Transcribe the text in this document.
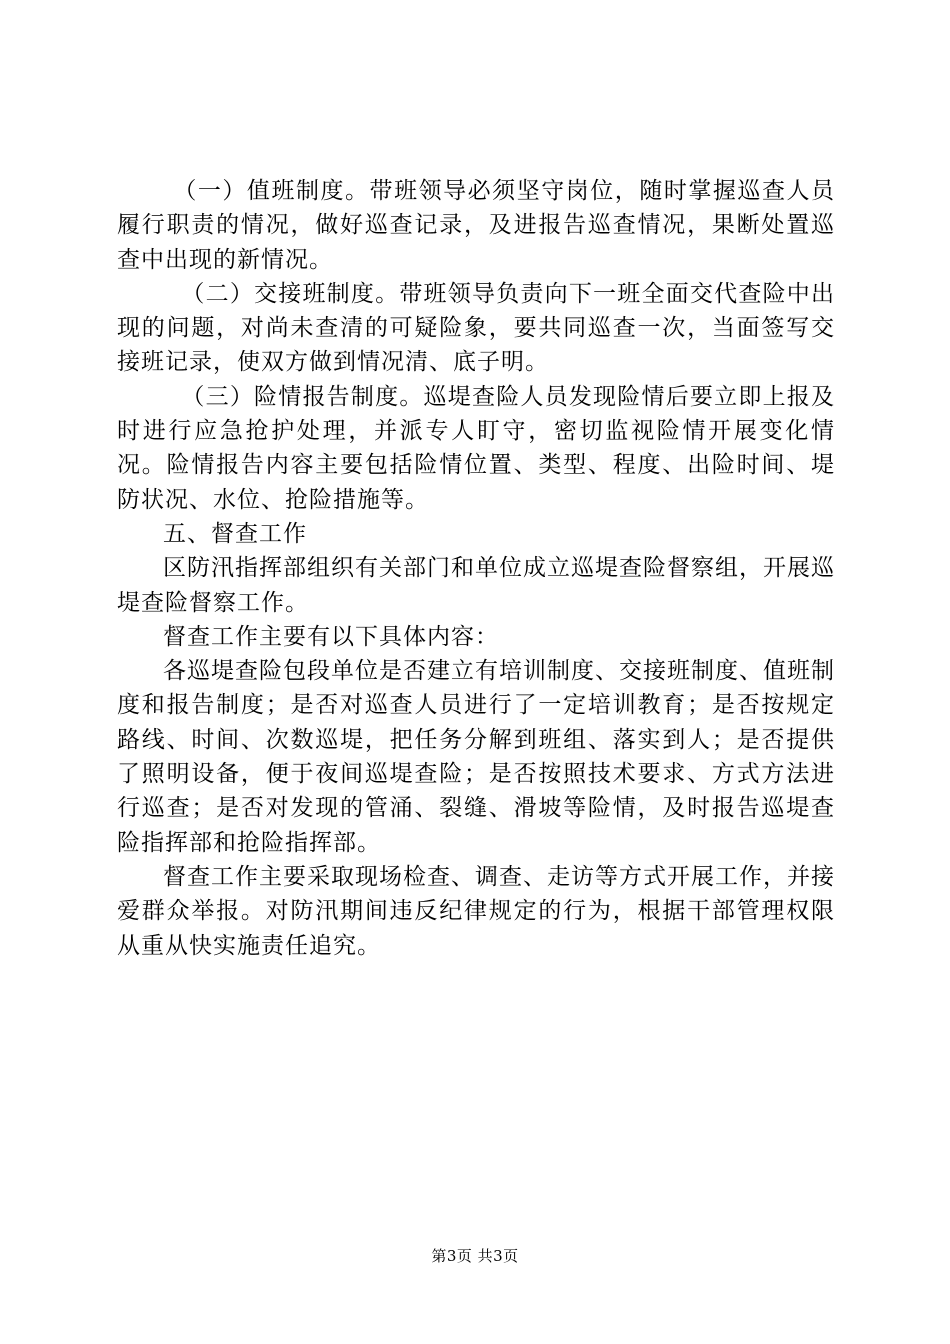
（一）值班制度。带班领导必须坚守岗位，随时掌握巡查人员履行职责的情况，做好巡查记录，及进报告巡查情况，果断处置巡查中出现的新情况。

（二）交接班制度。带班领导负责向下一班全面交代查险中出现的问题，对尚未查清的可疑险象，要共同巡查一次，当面签写交接班记录，使双方做到情况清、底子明。

（三）险情报告制度。巡堤查险人员发现险情后要立即上报及时进行应急抢护处理，并派专人盯守，密切监视险情开展变化情况。险情报告内容主要包括险情位置、类型、程度、出险时间、堤防状况、水位、抢险措施等。

五、督查工作

区防汛指挥部组织有关部门和单位成立巡堤查险督察组，开展巡堤查险督察工作。

督查工作主要有以下具体内容：

各巡堤查险包段单位是否建立有培训制度、交接班制度、值班制度和报告制度；是否对巡查人员进行了一定培训教育；是否按规定路线、时间、次数巡堤，把任务分解到班组、落实到人；是否提供了照明设备，便于夜间巡堤查险；是否按照技术要求、方式方法进行巡查；是否对发现的管涌、裂缝、滑坡等险情，及时报告巡堤查险指挥部和抢险指挥部。

督查工作主要采取现场检查、调查、走访等方式开展工作，并接爱群众举报。对防汛期间违反纪律规定的行为，根据干部管理权限从重从快实施责任追究。

第3页 共3页
